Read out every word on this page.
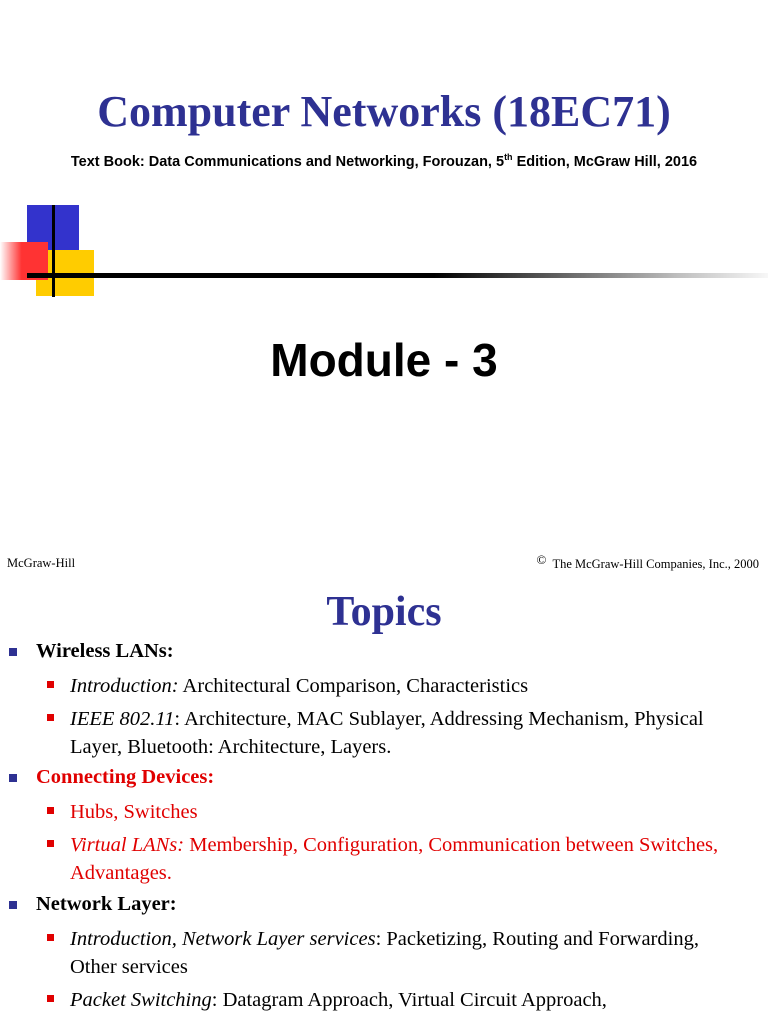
Computer Networks (18EC71)

Text Book: Data Communications and Networking, Forouzan, 5th Edition, McGraw Hill, 2016

Module - 3

McGraw-Hill	© The McGraw-Hill Companies, Inc., 2000
Topics
Wireless LANs:
Introduction: Architectural Comparison, Characteristics
IEEE 802.11: Architecture, MAC Sublayer, Addressing Mechanism, Physical Layer, Bluetooth: Architecture, Layers.
Connecting Devices:
Hubs, Switches
Virtual LANs: Membership, Configuration, Communication between Switches, Advantages.
Network Layer:
Introduction, Network Layer services: Packetizing, Routing and Forwarding, Other services
Packet Switching: Datagram Approach, Virtual Circuit Approach,
